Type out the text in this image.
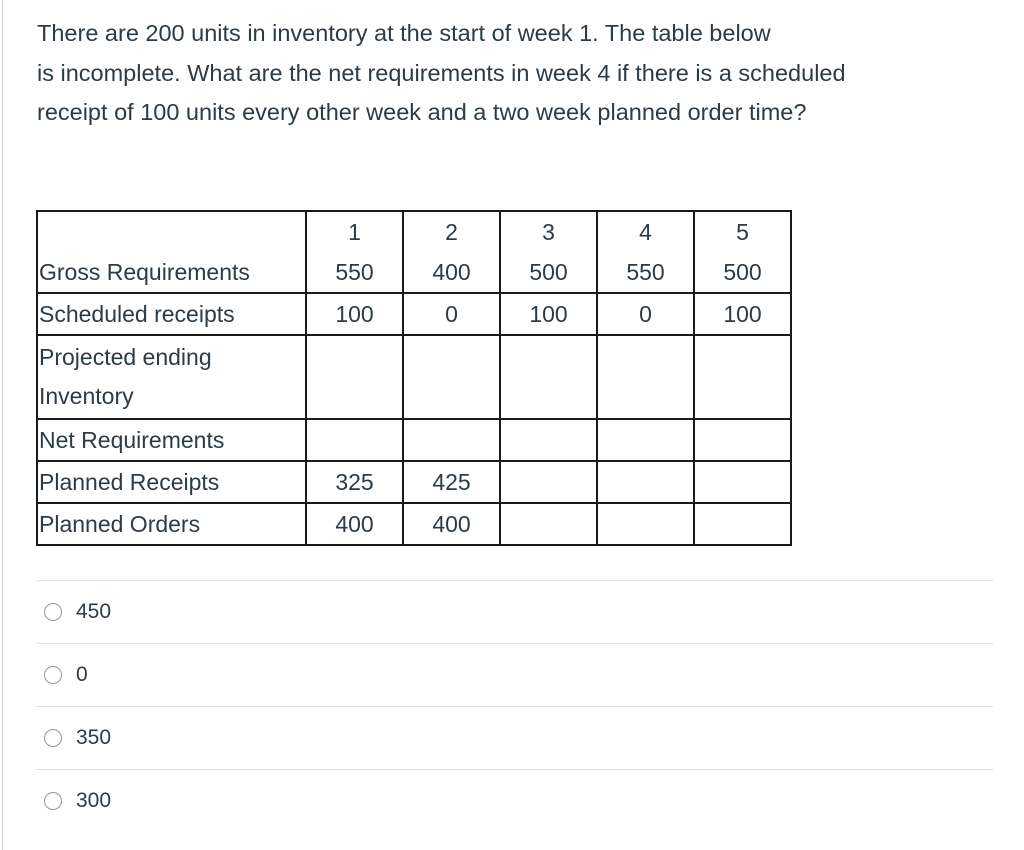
There are 200 units in inventory at the start of week 1. The table below
is incomplete. What are the net requirements in week 4 if there is a scheduled
receipt of 100 units every other week and a two week planned order time?
	1	2	3	4	5
Gross Requirements	550	400	500	550	500
Scheduled receipts	100	0	100	0	100

Projected ending
Inventory					

Net Requirements					
Planned Receipts	325	425			
Planned Orders	400	400			
450
0
350
300
